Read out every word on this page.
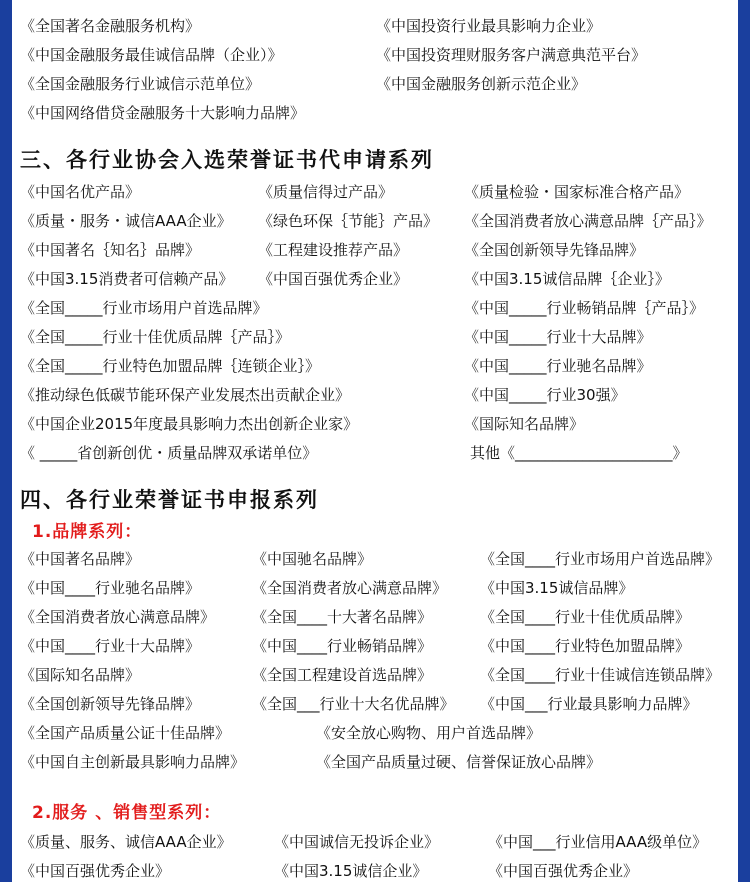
《全国著名金融服务机构》	《中国投资行业最具影响力企业》
《中国金融服务最佳诚信品牌（企业）》	《中国投资理财服务客户满意典范平台》
《全国金融服务行业诚信示范单位》	《中国金融服务创新示范企业》
《中国网络借贷金融服务十大影响力品牌》
三、各行业协会入选荣誉证书代申请系列
《中国名优产品》	《质量信得过产品》	《质量检验・国家标准合格产品》
《质量・服务・诚信AAA企业》 《绿色环保｛节能｝产品》 《全国消费者放心满意品牌｛产品｝》
《中国著名｛知名｝品牌》	《工程建设推荐产品》	《全国创新领导先锋品牌》
《中国3.15消费者可信赖产品》 《中国百强优秀企业》	《中国3.15诚信品牌｛企业｝》
《全国_____行业市场用户首选品牌》	《中国_____行业畅销品牌｛产品｝》
《全国_____行业十佳优质品牌｛产品｝》	《中国_____行业十大品牌》
《全国_____行业特色加盟品牌｛连锁企业｝》	《中国_____行业驰名品牌》
《推动绿色低碳节能环保产业发展杰出贡献企业》	《中国_____行业30强》
《中国企业2015年度最具影响力杰出创新企业家》	《国际知名品牌》
《 _____省创新创优・质量品牌双承诺单位》	其他《_____________________》
四、各行业荣誉证书申报系列
1.品牌系列：
《中国著名品牌》	《中国驰名品牌》	《全国____行业市场用户首选品牌》
《中国____行业驰名品牌》	《全国消费者放心满意品牌》 《中国3.15诚信品牌》
《全国消费者放心满意品牌》 《全国____十大著名品牌》	《全国____行业十佳优质品牌》
《中国____行业十大品牌》	《中国____行业畅销品牌》	《中国____行业特色加盟品牌》
《国际知名品牌》	《全国工程建设首选品牌》	《全国____行业十佳诚信连锁品牌》
《全国创新领导先锋品牌》	《全国___行业十大名优品牌》 《中国___行业最具影响力品牌》
《全国产品质量公证十佳品牌》	《安全放心购物、用户首选品牌》
《中国自主创新最具影响力品牌》	《全国产品质量过硬、信誉保证放心品牌》
2.服务 、销售型系列：
《质量、服务、诚信AAA企业》	《中国诚信无投诉企业》	《中国___行业信用AAA级单位》
《中国百强优秀企业》	《中国3.15诚信企业》	《中国百强优秀企业》
